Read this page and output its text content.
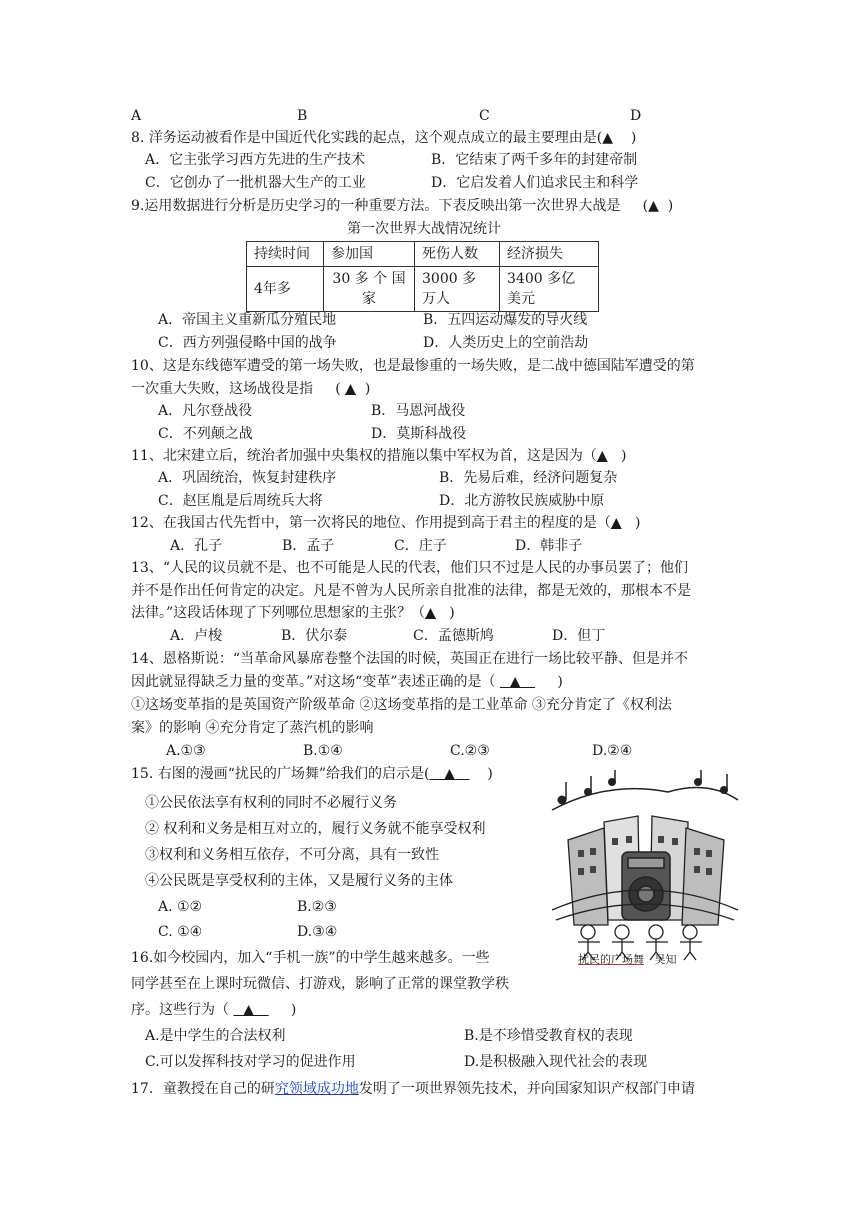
A	B	C	D
8. 洋务运动被看作是中国近代化实践的起点，这个观点成立的最主要理由是(▲ )
A．它主张学习西方先进的生产技术	B．它结束了两千多年的封建帝制
C．它创办了一批机器大生产的工业	D．它启发着人们追求民主和科学
9.运用数据进行分析是历史学习的一种重要方法。下表反映出第一次世界大战是     (▲  )
第一次世界大战情况统计
持续时间	参加国	死伤人数	经济损失
4年多	30 多 个 国家	3000 多 万人	3400 多亿 美元
A．帝国主义重新瓜分殖民地	B．五四运动爆发的导火线
C．西方列强侵略中国的战争	D．人类历史上的空前浩劫
10、这是东线德军遭受的第一场失败，也是最惨重的一场失败，是二战中德国陆军遭受的第
一次重大失败，这场战役是指     ( ▲  )
A．凡尔登战役	B．马恩河战役
C．不列颠之战	D．莫斯科战役
11、北宋建立后，统治者加强中央集权的措施以集中军权为首，这是因为（▲   )
A．巩固统治，恢复封建秩序	B．先易后难，经济问题复杂
C．赵匡胤是后周统兵大将	D．北方游牧民族威胁中原
12、在我国古代先哲中，第一次将民的地位、作用提到高于君主的程度的是（▲   )
A．孔子	B．孟子	C．庄子	D．韩非子
13、“人民的议员就不是、也不可能是人民的代表，他们只不过是人民的办事员罢了；他们
并不是作出任何肯定的决定。凡是不曾为人民所亲自批准的法律，都是无效的，那根本不是
法律。”这段话体现了下列哪位思想家的主张？（▲   )
A．卢梭	B．伏尔泰	C．孟德斯鸠	D．但丁
14、恩格斯说：“当革命风暴席卷整个法国的时候，英国正在进行一场比较平静、但是并不
因此就显得缺乏力量的变革。”对这场“变革”表述正确的是（ ▲        )
①这场变革指的是英国资产阶级革命 ②这场变革指的是工业革命 ③充分肯定了《权利法
案》的影响 ④充分肯定了蒸汽机的影响
A.①③	B.①④	C.②③	D.②④
15. 右图的漫画“扰民的广场舞”给我们的启示是( ▲       )
①公民依法享有权利的同时不必履行义务
② 权利和义务是相互对立的，履行义务就不能享受权利
③权利和义务相互依存，不可分离，具有一致性
④公民既是享受权利的主体，又是履行义务的主体
A. ①②	B.②③
C. ①④	D.③④
扰民的广场舞 吴知
16.如今校园内，加入“手机一族”的中学生越来越多。一些
同学甚至在上课时玩微信、打游戏，影响了正常的课堂教学秩
序。这些行为（ ▲        )
A.是中学生的合法权利	B.是不珍惜受教育权的表现
C.可以发挥科技对学习的促进作用	D.是积极融入现代社会的表现
17．童教授在自己的研究领域成功地发明了一项世界领先技术，并向国家知识产权部门申请
